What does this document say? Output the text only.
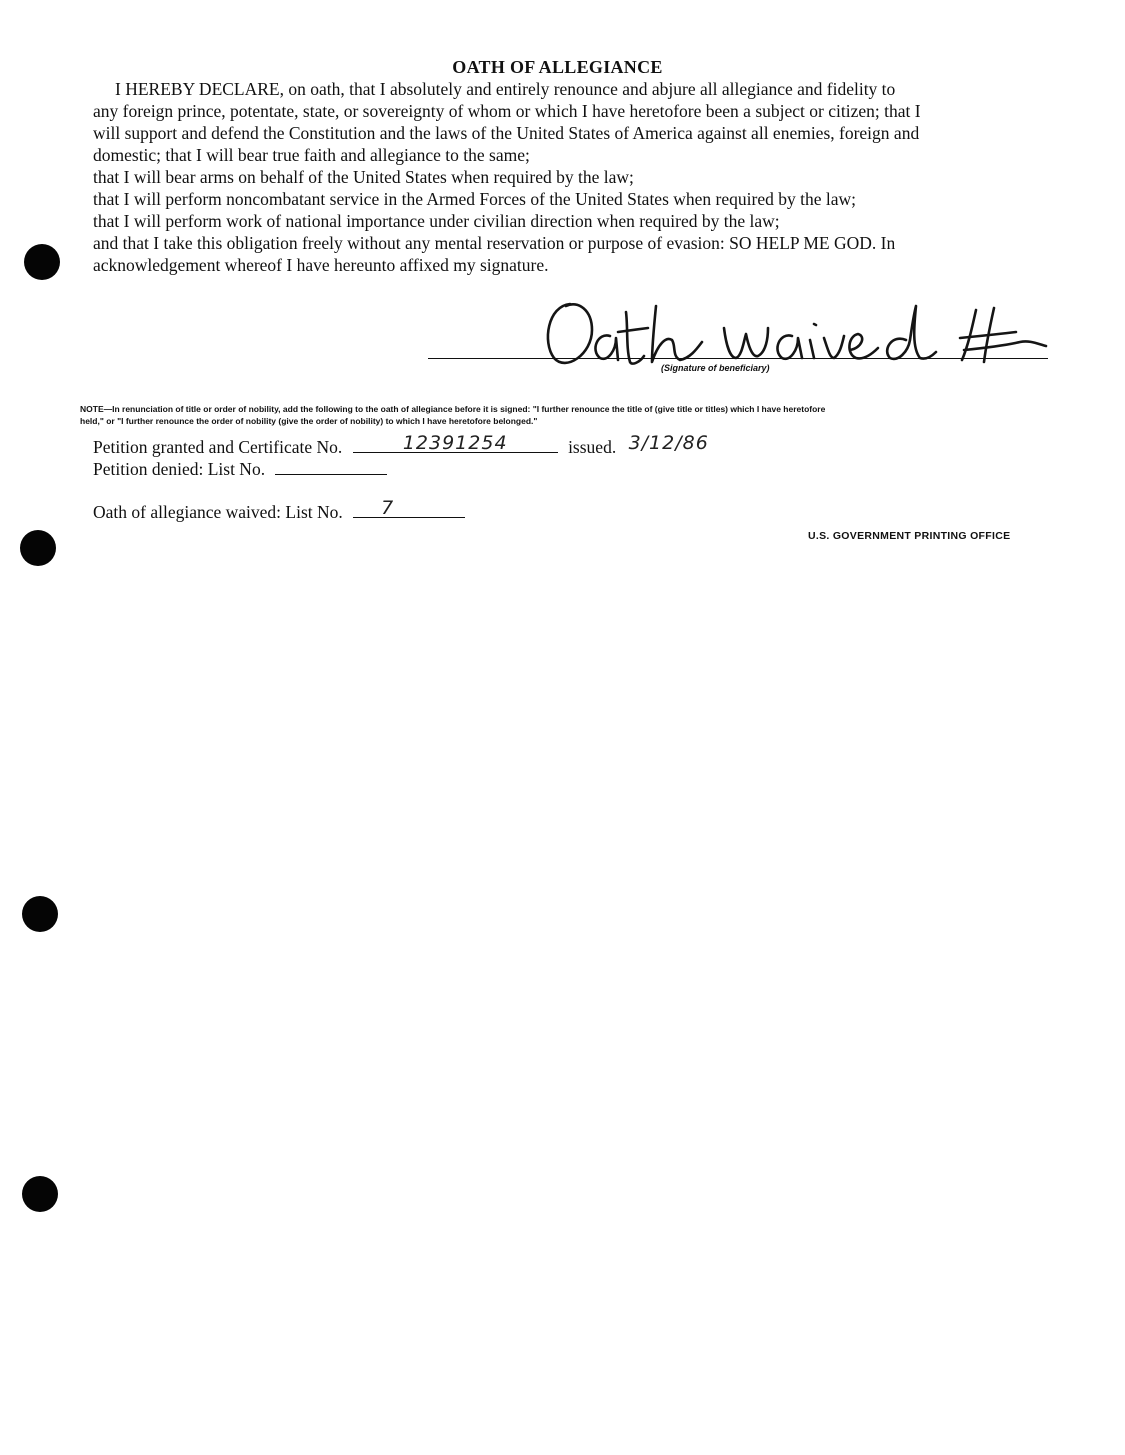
OATH OF ALLEGIANCE
I HEREBY DECLARE, on oath, that I absolutely and entirely renounce and abjure all allegiance and fidelity to
any foreign prince, potentate, state, or sovereignty of whom or which I have heretofore been a subject or citizen; that I
will support and defend the Constitution and the laws of the United States of America against all enemies, foreign and
domestic; that I will bear true faith and allegiance to the same;
that I will bear arms on behalf of the United States when required by the law;
that I will perform noncombatant service in the Armed Forces of the United States when required by the law;
that I will perform work of national importance under civilian direction when required by the law;
and that I take this obligation freely without any mental reservation or purpose of evasion: SO HELP ME GOD. In
acknowledgement whereof I have hereunto affixed my signature.
(Signature of beneficiary)
NOTE—In renunciation of title or order of nobility, add the following to the oath of allegiance before it is signed: "I further renounce the title of (give title or titles) which I have heretofore
held," or "I further renounce the order of nobility (give the order of nobility) to which I have heretofore belonged."
Petition granted and Certificate No.	12391254	issued. 3/12/86
Petition denied: List No.
Oath of allegiance waived: List No.	7
U.S. GOVERNMENT PRINTING OFFICE
